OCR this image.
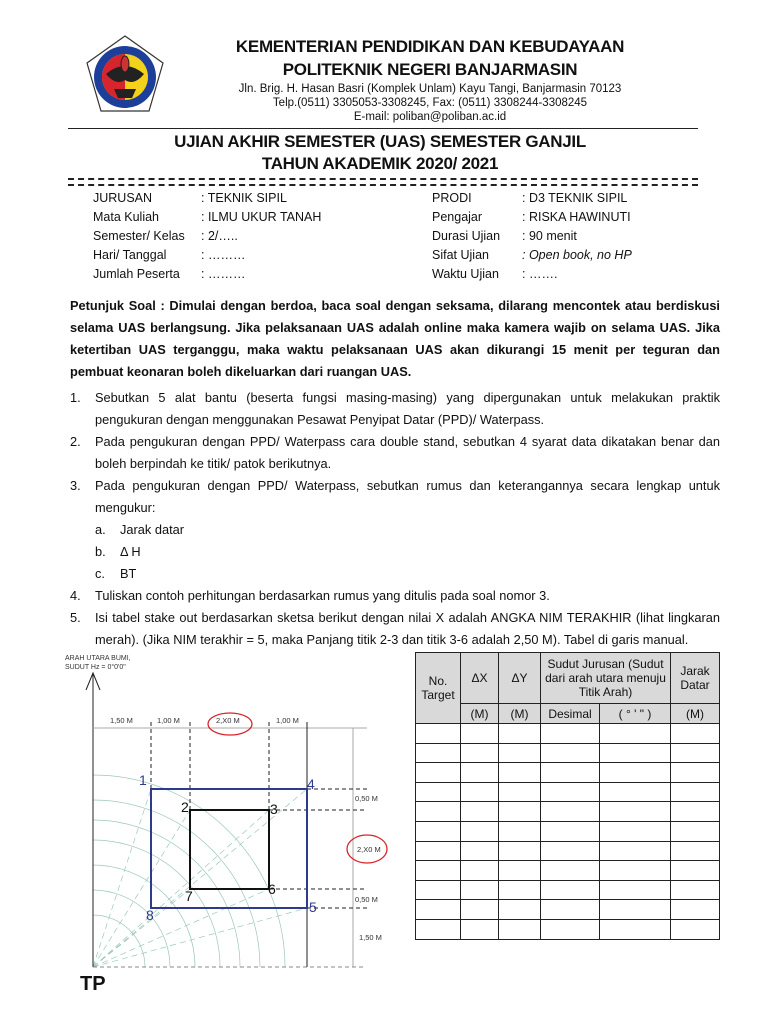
KEMENTERIAN PENDIDIKAN DAN KEBUDAYAAN
POLITEKNIK NEGERI BANJARMASIN
Jln. Brig. H. Hasan Basri (Komplek Unlam) Kayu Tangi, Banjarmasin 70123
Telp.(0511) 3305053-3308245, Fax: (0511) 3308244-3308245
E-mail: poliban@poliban.ac.id
UJIAN AKHIR SEMESTER (UAS) SEMESTER GANJIL
TAHUN AKADEMIK 2020/ 2021
JURUSAN	: TEKNIK SIPIL
Mata Kuliah	: ILMU UKUR TANAH
Semester/ Kelas	: 2/…..
Hari/ Tanggal	: ………
Jumlah Peserta	: ………
PRODI	: D3 TEKNIK SIPIL
Pengajar	: RISKA HAWINUTI
Durasi Ujian	: 90 menit
Sifat Ujian	: Open book, no HP
Waktu Ujian	: …….
Petunjuk Soal : Dimulai dengan berdoa, baca soal dengan seksama, dilarang mencontek atau berdiskusi selama UAS berlangsung. Jika pelaksanaan UAS adalah online maka kamera wajib on selama UAS. Jika ketertiban UAS terganggu, maka waktu pelaksanaan UAS akan dikurangi 15 menit per teguran dan pembuat keonaran boleh dikeluarkan dari ruangan UAS.
1.	Sebutkan 5 alat bantu (beserta fungsi masing-masing) yang dipergunakan untuk melakukan praktik pengukuran dengan menggunakan Pesawat Penyipat Datar (PPD)/ Waterpass.
2.	Pada pengukuran dengan PPD/ Waterpass cara double stand, sebutkan 4 syarat data dikatakan benar dan boleh berpindah ke titik/ patok berikutnya.
3.	Pada pengukuran dengan PPD/ Waterpass, sebutkan rumus dan keterangannya secara lengkap untuk mengukur:
a.	Jarak datar
b.	Δ H
c.	BT
4.	Tuliskan contoh perhitungan berdasarkan rumus yang ditulis pada soal nomor 3.
5.	Isi tabel stake out berdasarkan sketsa berikut dengan nilai X adalah ANGKA NIM TERAKHIR (lihat lingkaran merah). (Jika NIM terakhir = 5, maka Panjang titik 2-3 dan titik 3-6 adalah 2,50 M). Tabel di garis manual.
ARAH UTARA BUMI,
SUDUT Hz = 0°0'0"
1,50 M	1,00 M	2,X0 M	1,00 M
0,50 M
2,X0 M
0,50 M
1,50 M
1
2	3
4
5
6
7
8
TP
No. Target	ΔX	ΔY	Sudut Jurusan (Sudut dari arah utara menuju Titik Arah)		Jarak Datar
	(M)	(M)	Desimal	( ° ' " )	(M)
